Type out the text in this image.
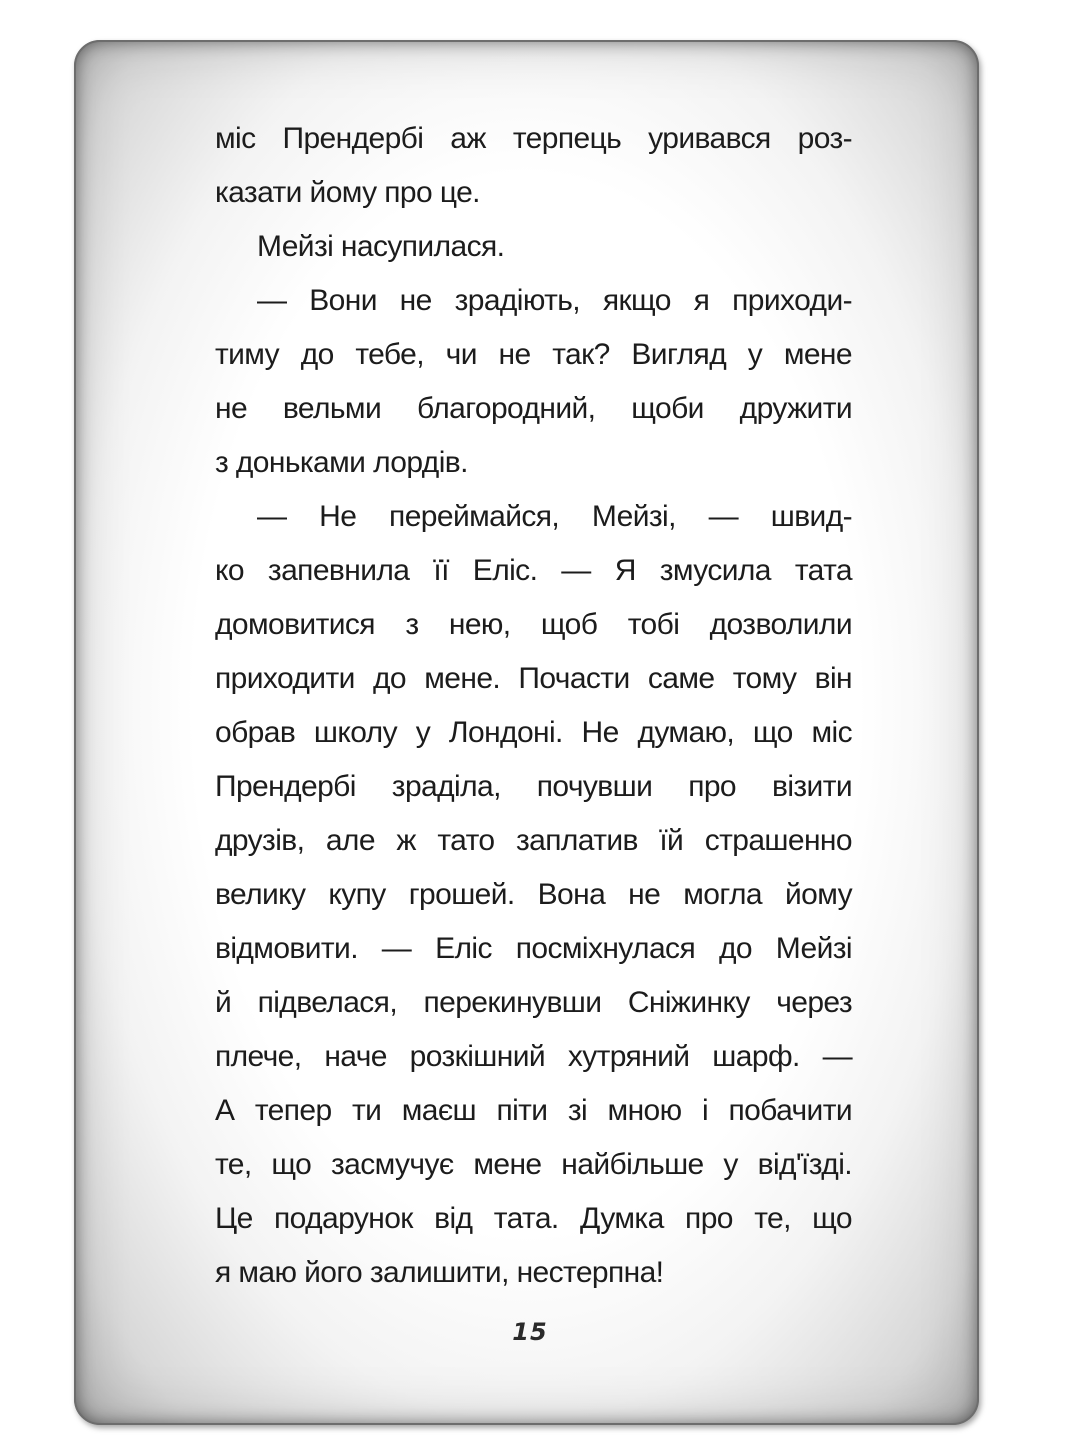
міс Прендербі аж терпець уривався роз-
казати йому про це.
Мейзі насупилася.
— Вони не зрадіють, якщо я приходи-
тиму до тебе, чи не так? Вигляд у мене
не вельми благородний, щоби дружити
з доньками лордів.
— Не переймайся, Мейзі, — швид-
ко запевнила її Еліс. — Я змусила тата
домовитися з нею, щоб тобі дозволили
приходити до мене. Почасти саме тому він
обрав школу у Лондоні. Не думаю, що міс
Прендербі зраділа, почувши про візити
друзів, але ж тато заплатив їй страшенно
велику купу грошей. Вона не могла йому
відмовити. — Еліс посміхнулася до Мейзі
й підвелася, перекинувши Сніжинку через
плече, наче розкішний хутряний шарф. —
А тепер ти маєш піти зі мною і побачити
те, що засмучує мене найбільше у від'їзді.
Це подарунок від тата. Думка про те, що
я маю його залишити, нестерпна!
15
